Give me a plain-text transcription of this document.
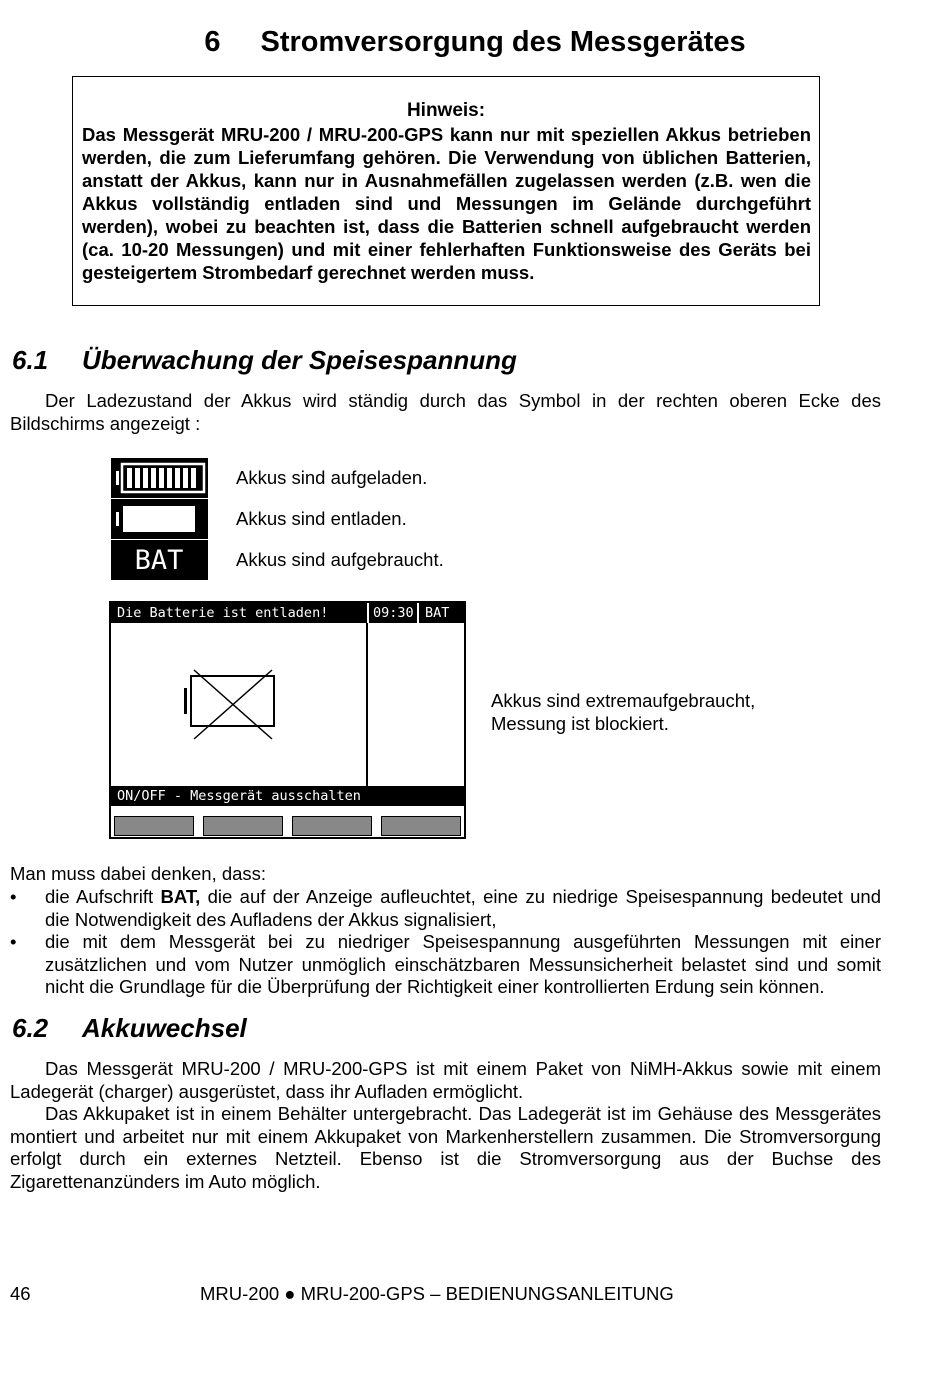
6 Stromversorgung des Messgerätes
Hinweis:
Das Messgerät MRU-200 / MRU-200-GPS kann nur mit speziellen Akkus betrieben werden, die zum Lieferumfang gehören. Die Verwendung von üblichen Batterien, anstatt der Akkus, kann nur in Ausnahmefällen zugelassen werden (z.B. wen die Akkus vollständig entladen sind und Messungen im Gelände durchgeführt werden), wobei zu beachten ist, dass die Batterien schnell aufgebraucht werden (ca. 10-20 Messungen) und mit einer fehlerhaften Funktionsweise des Geräts bei gesteigertem Strombedarf gerechnet werden muss.
6.1 Überwachung der Speisespannung

Der Ladezustand der Akkus wird ständig durch das Symbol in der rechten oberen Ecke des Bildschirms angezeigt :

BAT
Akkus sind aufgeladen.
Akkus sind entladen.
Akkus sind aufgebraucht.
Die Batterie ist entladen!	09:30 BAT
ON/OFF - Messgerät ausschalten
Akkus sind extremaufgebraucht,
Messung ist blockiert.
Man muss dabei denken, dass:
• die Aufschrift BAT, die auf der Anzeige aufleuchtet, eine zu niedrige Speisespannung bedeutet und die Notwendigkeit des Aufladens der Akkus signalisiert,
• die mit dem Messgerät bei zu niedriger Speisespannung ausgeführten Messungen mit einer zusätzlichen und vom Nutzer unmöglich einschätzbaren Messunsicherheit belastet sind und somit nicht die Grundlage für die Überprüfung der Richtigkeit einer kontrollierten Erdung sein können.
6.2 Akkuwechsel

Das Messgerät MRU-200 / MRU-200-GPS ist mit einem Paket von NiMH-Akkus sowie mit einem Ladegerät (charger) ausgerüstet, dass ihr Aufladen ermöglicht.

Das Akkupaket ist in einem Behälter untergebracht. Das Ladegerät ist im Gehäuse des Messgerätes montiert und arbeitet nur mit einem Akkupaket von Markenherstellern zusammen. Die Stromversorgung erfolgt durch ein externes Netzteil. Ebenso ist die Stromversorgung aus der Buchse des Zigarettenanzünders im Auto möglich.

46	MRU-200 ● MRU-200-GPS – BEDIENUNGSANLEITUNG
